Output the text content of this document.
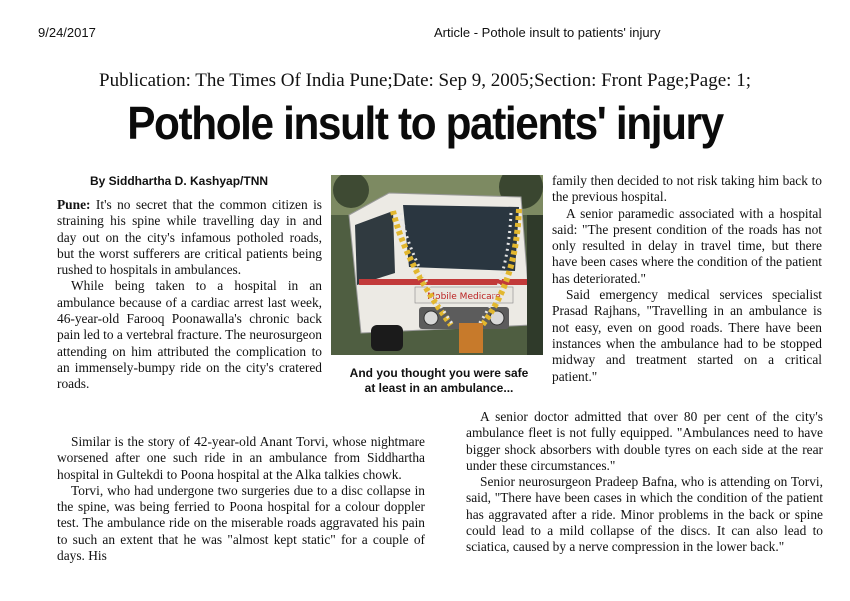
9/24/2017	Article - Pothole insult to patients' injury
Publication: The Times Of India Pune;Date: Sep 9, 2005;Section: Front Page;Page: 1;
Pothole insult to patients' injury
By Siddhartha D. Kashyap/TNN

Pune: It's no secret that the common citizen is straining his spine while travelling day in and day out on the city's infamous potholed roads, but the worst sufferers are critical patients being rushed to hospitals in ambulances.

While being taken to a hospital in an ambulance because of a cardiac arrest last week, 46-year-old Farooq Poonawalla's chronic back pain led to a vertebral fracture. The neurosurgeon attending on him attributed the complication to an immensely-bumpy ride on the city's cratered roads.

Mobile Medicare
And you thought you were safe
at least in an ambulance...

family then decided to not risk taking him back to the previous hospital.

A senior paramedic associated with a hospital said: "The present condition of the roads has not only resulted in delay in travel time, but there have been cases where the condition of the patient has deteriorated."

Said emergency medical services specialist Prasad Rajhans, "Travelling in an ambulance is not easy, even on good roads. There have been instances when the ambulance had to be stopped midway and treatment started on a critical patient."

Similar is the story of 42-year-old Anant Torvi, whose nightmare worsened after one such ride in an ambulance from Siddhartha hospital in Gultekdi to Poona hospital at the Alka talkies chowk.

Torvi, who had undergone two surgeries due to a disc collapse in the spine, was being ferried to Poona hospital for a colour doppler test. The ambulance ride on the miserable roads aggravated his pain to such an extent that he was "almost kept static" for a couple of days. His

A senior doctor admitted that over 80 per cent of the city's ambulance fleet is not fully equipped. "Ambulances need to have bigger shock absorbers with double tyres on each side at the rear under these circumstances."

Senior neurosurgeon Pradeep Bafna, who is attending on Torvi, said, "There have been cases in which the condition of the patient has aggravated after a ride. Minor problems in the back or spine could lead to a mild collapse of the discs. It can also lead to sciatica, caused by a nerve compression in the lower back."
